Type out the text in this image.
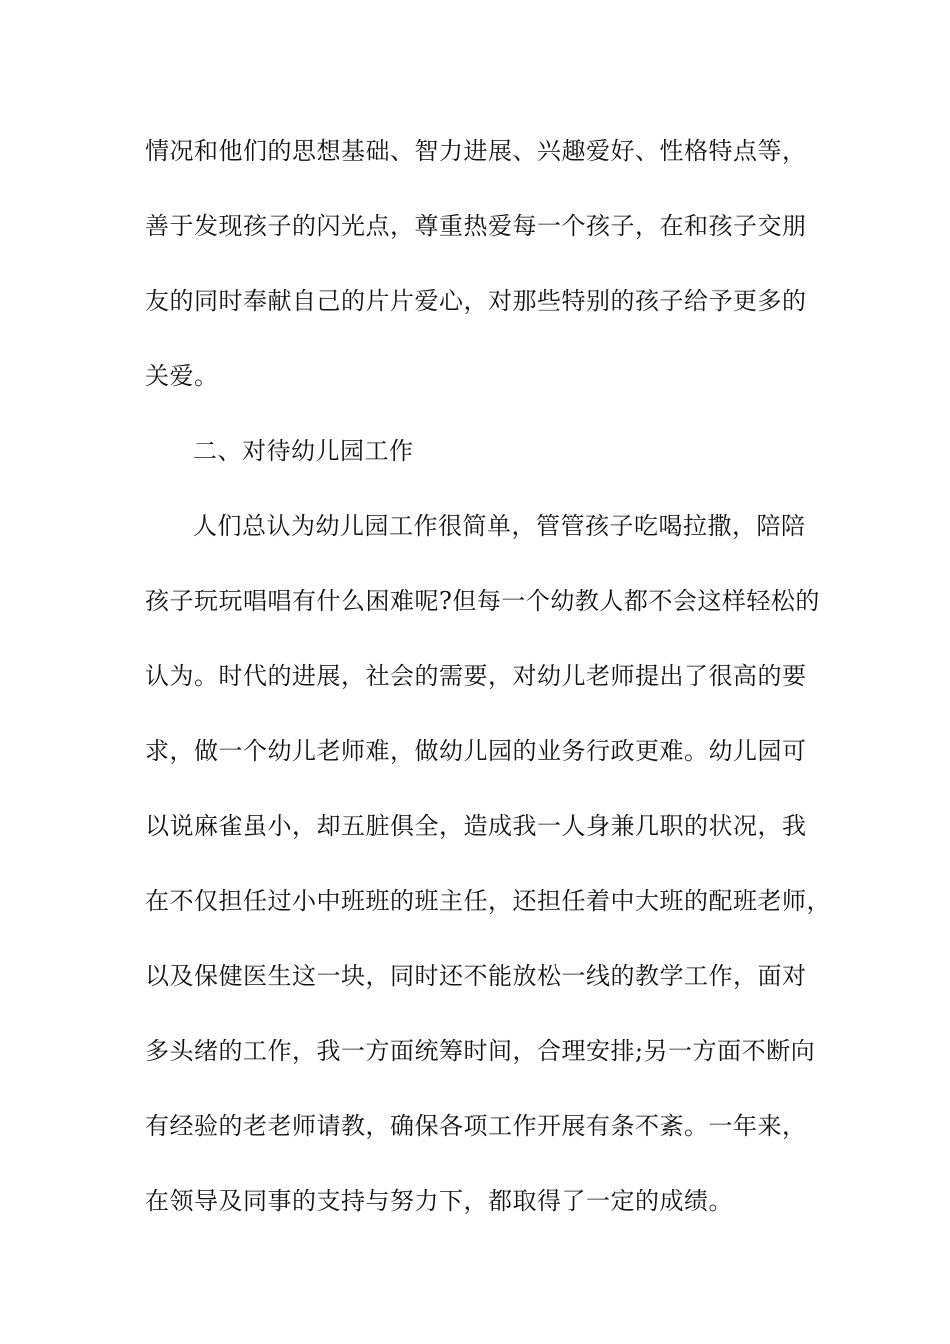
情况和他们的思想基础、智力进展、兴趣爱好、性格特点等，
善于发现孩子的闪光点，尊重热爱每一个孩子，在和孩子交朋
友的同时奉献自己的片片爱心，对那些特别的孩子给予更多的
关爱。
二、对待幼儿园工作
人们总认为幼儿园工作很简单，管管孩子吃喝拉撒，陪陪
孩子玩玩唱唱有什么困难呢?但每一个幼教人都不会这样轻松的
认为。时代的进展，社会的需要，对幼儿老师提出了很高的要
求，做一个幼儿老师难，做幼儿园的业务行政更难。幼儿园可
以说麻雀虽小，却五脏俱全，造成我一人身兼几职的状况，我
在不仅担任过小中班班的班主任，还担任着中大班的配班老师，
以及保健医生这一块，同时还不能放松一线的教学工作，面对
多头绪的工作，我一方面统筹时间，合理安排;另一方面不断向
有经验的老老师请教，确保各项工作开展有条不紊。一年来，
在领导及同事的支持与努力下，都取得了一定的成绩。
